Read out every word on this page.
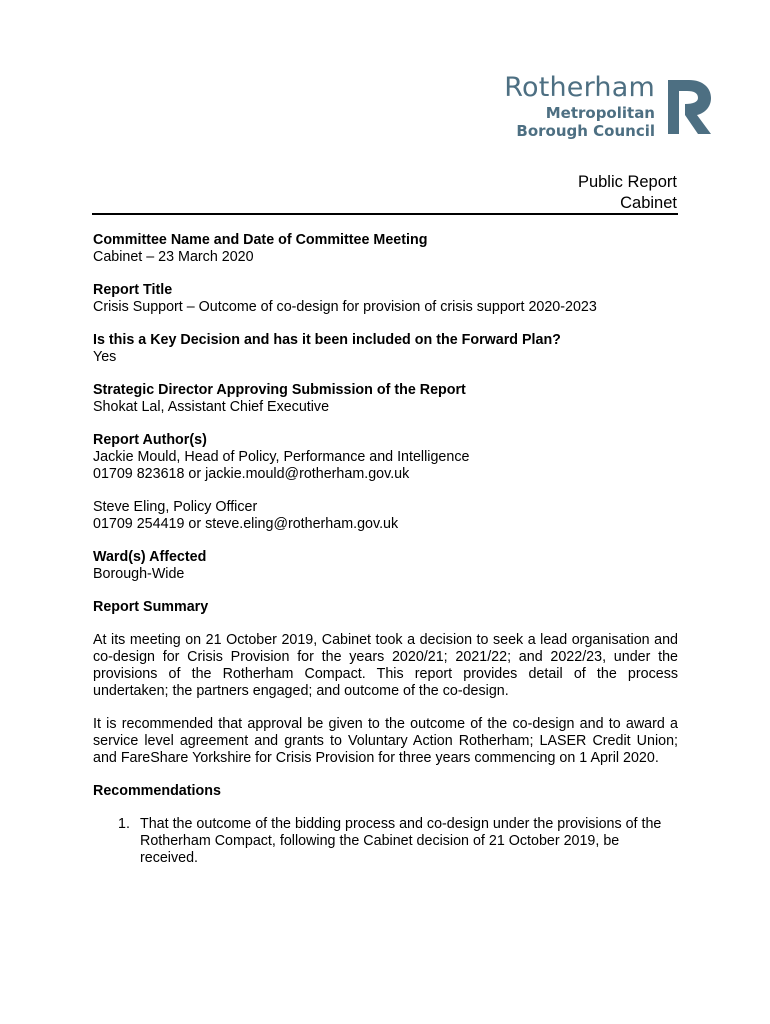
Rotherham
Metropolitan
Borough Council
Public Report
Cabinet
Committee Name and Date of Committee Meeting
Cabinet – 23 March 2020
Report Title
Crisis Support – Outcome of co-design for provision of crisis support 2020-2023
Is this a Key Decision and has it been included on the Forward Plan?
Yes
Strategic Director Approving Submission of the Report
Shokat Lal, Assistant Chief Executive
Report Author(s)
Jackie Mould, Head of Policy, Performance and Intelligence
01709 823618 or jackie.mould@rotherham.gov.uk
Steve Eling, Policy Officer
01709 254419 or steve.eling@rotherham.gov.uk
Ward(s) Affected
Borough-Wide
Report Summary

At its meeting on 21 October 2019, Cabinet took a decision to seek a lead organisation and co-design for Crisis Provision for the years 2020/21; 2021/22; and 2022/23, under the provisions of the Rotherham Compact. This report provides detail of the process undertaken; the partners engaged; and outcome of the co-design.

It is recommended that approval be given to the outcome of the co-design and to award a service level agreement and grants to Voluntary Action Rotherham; LASER Credit Union; and FareShare Yorkshire for Crisis Provision for three years commencing on 1 April 2020.

Recommendations
1. That the outcome of the bidding process and co-design under the provisions of the Rotherham Compact, following the Cabinet decision of 21 October 2019, be received.
